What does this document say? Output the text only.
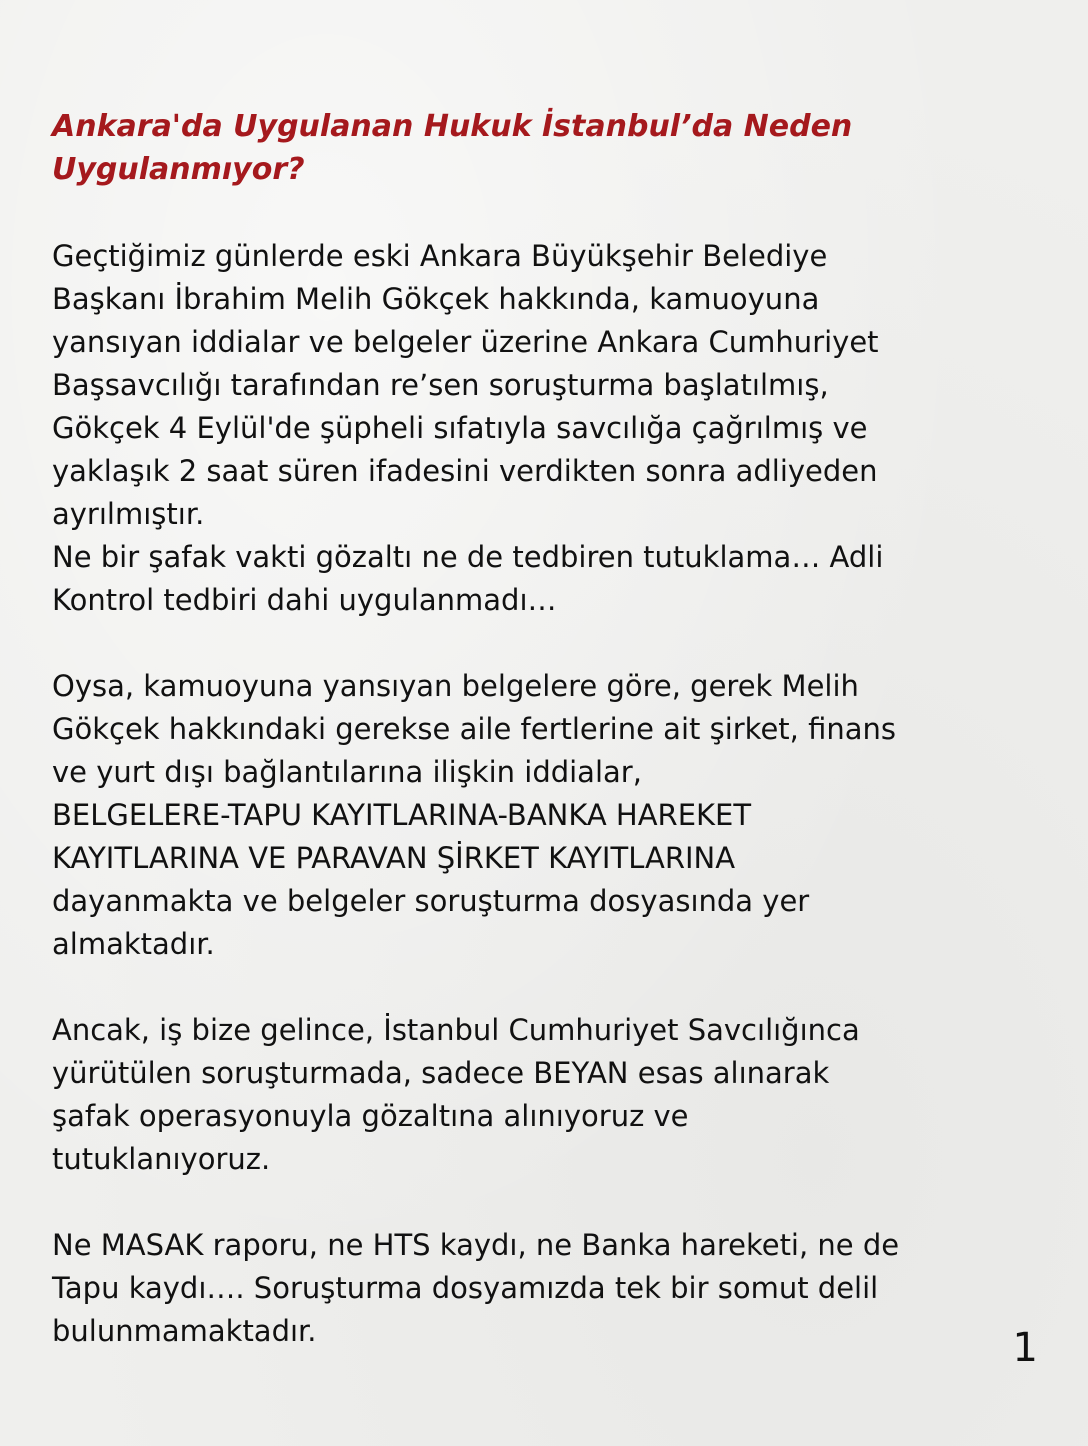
Ankara'da Uygulanan Hukuk İstanbul’da Neden
Uygulanmıyor?

Geçtiğimiz günlerde eski Ankara Büyükşehir Belediye
Başkanı İbrahim Melih Gökçek hakkında, kamuoyuna
yansıyan iddialar ve belgeler üzerine Ankara Cumhuriyet
Başsavcılığı tarafından re’sen soruşturma başlatılmış,
Gökçek 4 Eylül'de şüpheli sıfatıyla savcılığa çağrılmış ve
yaklaşık 2 saat süren ifadesini verdikten sonra adliyeden
ayrılmıştır.
Ne bir şafak vakti gözaltı ne de tedbiren tutuklama… Adli
Kontrol tedbiri dahi uygulanmadı…

Oysa, kamuoyuna yansıyan belgelere göre, gerek Melih
Gökçek hakkındaki gerekse aile fertlerine ait şirket, finans
ve yurt dışı bağlantılarına ilişkin iddialar,
BELGELERE-TAPU KAYITLARINA-BANKA HAREKET
KAYITLARINA VE PARAVAN ŞİRKET KAYITLARINA
dayanmakta ve belgeler soruşturma dosyasında yer
almaktadır.

Ancak, iş bize gelince, İstanbul Cumhuriyet Savcılığınca
yürütülen soruşturmada, sadece BEYAN esas alınarak
şafak operasyonuyla gözaltına alınıyoruz ve
tutuklanıyoruz.

Ne MASAK raporu, ne HTS kaydı, ne Banka hareketi, ne de
Tapu kaydı…. Soruşturma dosyamızda tek bir somut delil
bulunmamaktadır.	1
